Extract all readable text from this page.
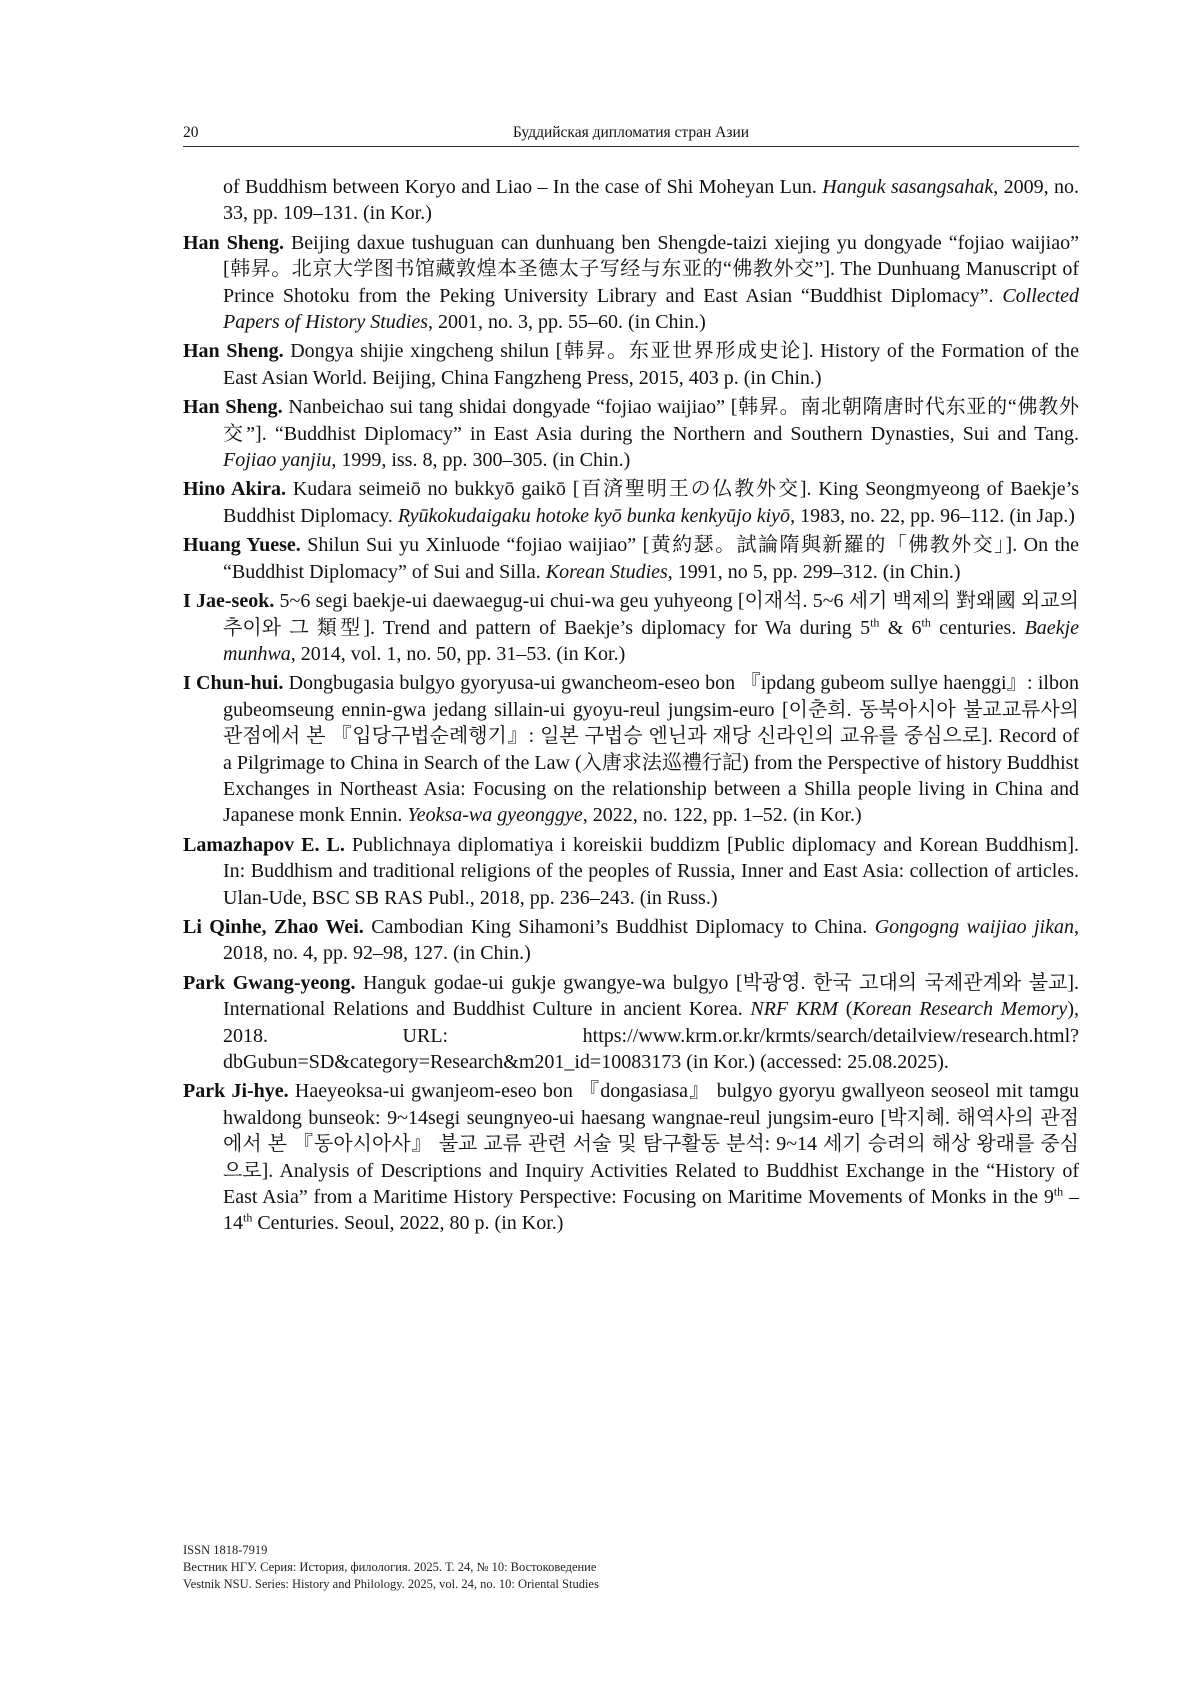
20	Буддийская дипломатия стран Азии

of Buddhism between Koryo and Liao – In the case of Shi Moheyan Lun. Hanguk sasangsahak, 2009, no. 33, pp. 109–131. (in Kor.)

Han Sheng. Beijing daxue tushuguan can dunhuang ben Shengde-taizi xiejing yu dongyade “fojiao waijiao” [韩昇。北京大学图书馆藏敦煌本圣德太子写经与东亚的“佛教外交”]. The Dunhuang Manuscript of Prince Shotoku from the Peking University Library and East Asian “Buddhist Diplomacy”. Collected Papers of History Studies, 2001, no. 3, pp. 55–60. (in Chin.)

Han Sheng. Dongya shijie xingcheng shilun [韩昇。东亚世界形成史论]. History of the Formation of the East Asian World. Beijing, China Fangzheng Press, 2015, 403 p. (in Chin.)

Han Sheng. Nanbeichao sui tang shidai dongyade “fojiao waijiao” [韩昇。南北朝隋唐时代东亚的“佛教外交”]. “Buddhist Diplomacy” in East Asia during the Northern and Southern Dynasties, Sui and Tang. Fojiao yanjiu, 1999, iss. 8, pp. 300–305. (in Chin.)

Hino Akira. Kudara seimeiō no bukkyō gaikō [百済聖明王の仏教外交]. King Seongmyeong of Baekje’s Buddhist Diplomacy. Ryūkokudaigaku hotoke kyō bunka kenkyūjo kiyō, 1983, no. 22, pp. 96–112. (in Jap.)

Huang Yuese. Shilun Sui yu Xinluode “fojiao waijiao” [黄約瑟。試論隋與新羅的「佛教外交」]. On the “Buddhist Diplomacy” of Sui and Silla. Korean Studies, 1991, no 5, pp. 299–312. (in Chin.)

I Jae-seok. 5~6 segi baekje-ui daewaegug-ui chui-wa geu yuhyeong [이재석. 5~6 세기 백제의 對왜國 외교의 추이와 그 類型]. Trend and pattern of Baekje’s diplomacy for Wa during 5th & 6th centuries. Baekje munhwa, 2014, vol. 1, no. 50, pp. 31–53. (in Kor.)

I Chun-hui. Dongbugasia bulgyo gyoryusa-ui gwancheom-eseo bon 『ipdang gubeom sullye haenggi』: ilbon gubeomseung ennin-gwa jedang sillain-ui gyoyu-reul jungsim-euro [이춘희. 동북아시아 불교교류사의 관점에서 본 『입당구법순례행기』: 일본 구법승 엔닌과 재당 신라인의 교유를 중심으로]. Record of a Pilgrimage to China in Search of the Law (入唐求法巡禮行記) from the Perspective of history Buddhist Exchanges in Northeast Asia: Focusing on the relationship between a Shilla people living in China and Japanese monk Ennin. Yeoksa-wa gyeonggye, 2022, no. 122, pp. 1–52. (in Kor.)

Lamazhapov E. L. Publichnaya diplomatiya i koreiskii buddizm [Public diplomacy and Korean Buddhism]. In: Buddhism and traditional religions of the peoples of Russia, Inner and East Asia: collection of articles. Ulan-Ude, BSC SB RAS Publ., 2018, pp. 236–243. (in Russ.)

Li Qinhe, Zhao Wei. Cambodian King Sihamoni’s Buddhist Diplomacy to China. Gongogng waijiao jikan, 2018, no. 4, pp. 92–98, 127. (in Chin.)

Park Gwang-yeong. Hanguk godae-ui gukje gwangye-wa bulgyo [박광영. 한국 고대의 국제관계와 불교]. International Relations and Buddhist Culture in ancient Korea. NRF KRM (Korean Research Memory), 2018. URL: https://www.krm.or.kr/krmts/search/detailview/research.html?dbGubun=SD&category=Research&m201_id=10083173 (in Kor.) (accessed: 25.08.2025).

Park Ji-hye. Haeyeoksa-ui gwanjeom-eseo bon 『dongasiasa』 bulgyo gyoryu gwallyeon seoseol mit tamgu hwaldong bunseok: 9~14segi seungnyeo-ui haesang wangnae-reul jungsim-euro [박지혜. 해역사의 관점에서 본 『동아시아사』 불교 교류 관련 서술 및 탐구활동 분석: 9~14 세기 승려의 해상 왕래를 중심으로]. Analysis of Descriptions and Inquiry Activities Related to Buddhist Exchange in the “History of East Asia” from a Maritime History Perspective: Focusing on Maritime Movements of Monks in the 9th – 14th Centuries. Seoul, 2022, 80 p. (in Kor.)

ISSN 1818-7919
Вестник НГУ. Серия: История, филология. 2025. Т. 24, № 10: Востоковедение
Vestnik NSU. Series: History and Philology. 2025, vol. 24, no. 10: Oriental Studies
